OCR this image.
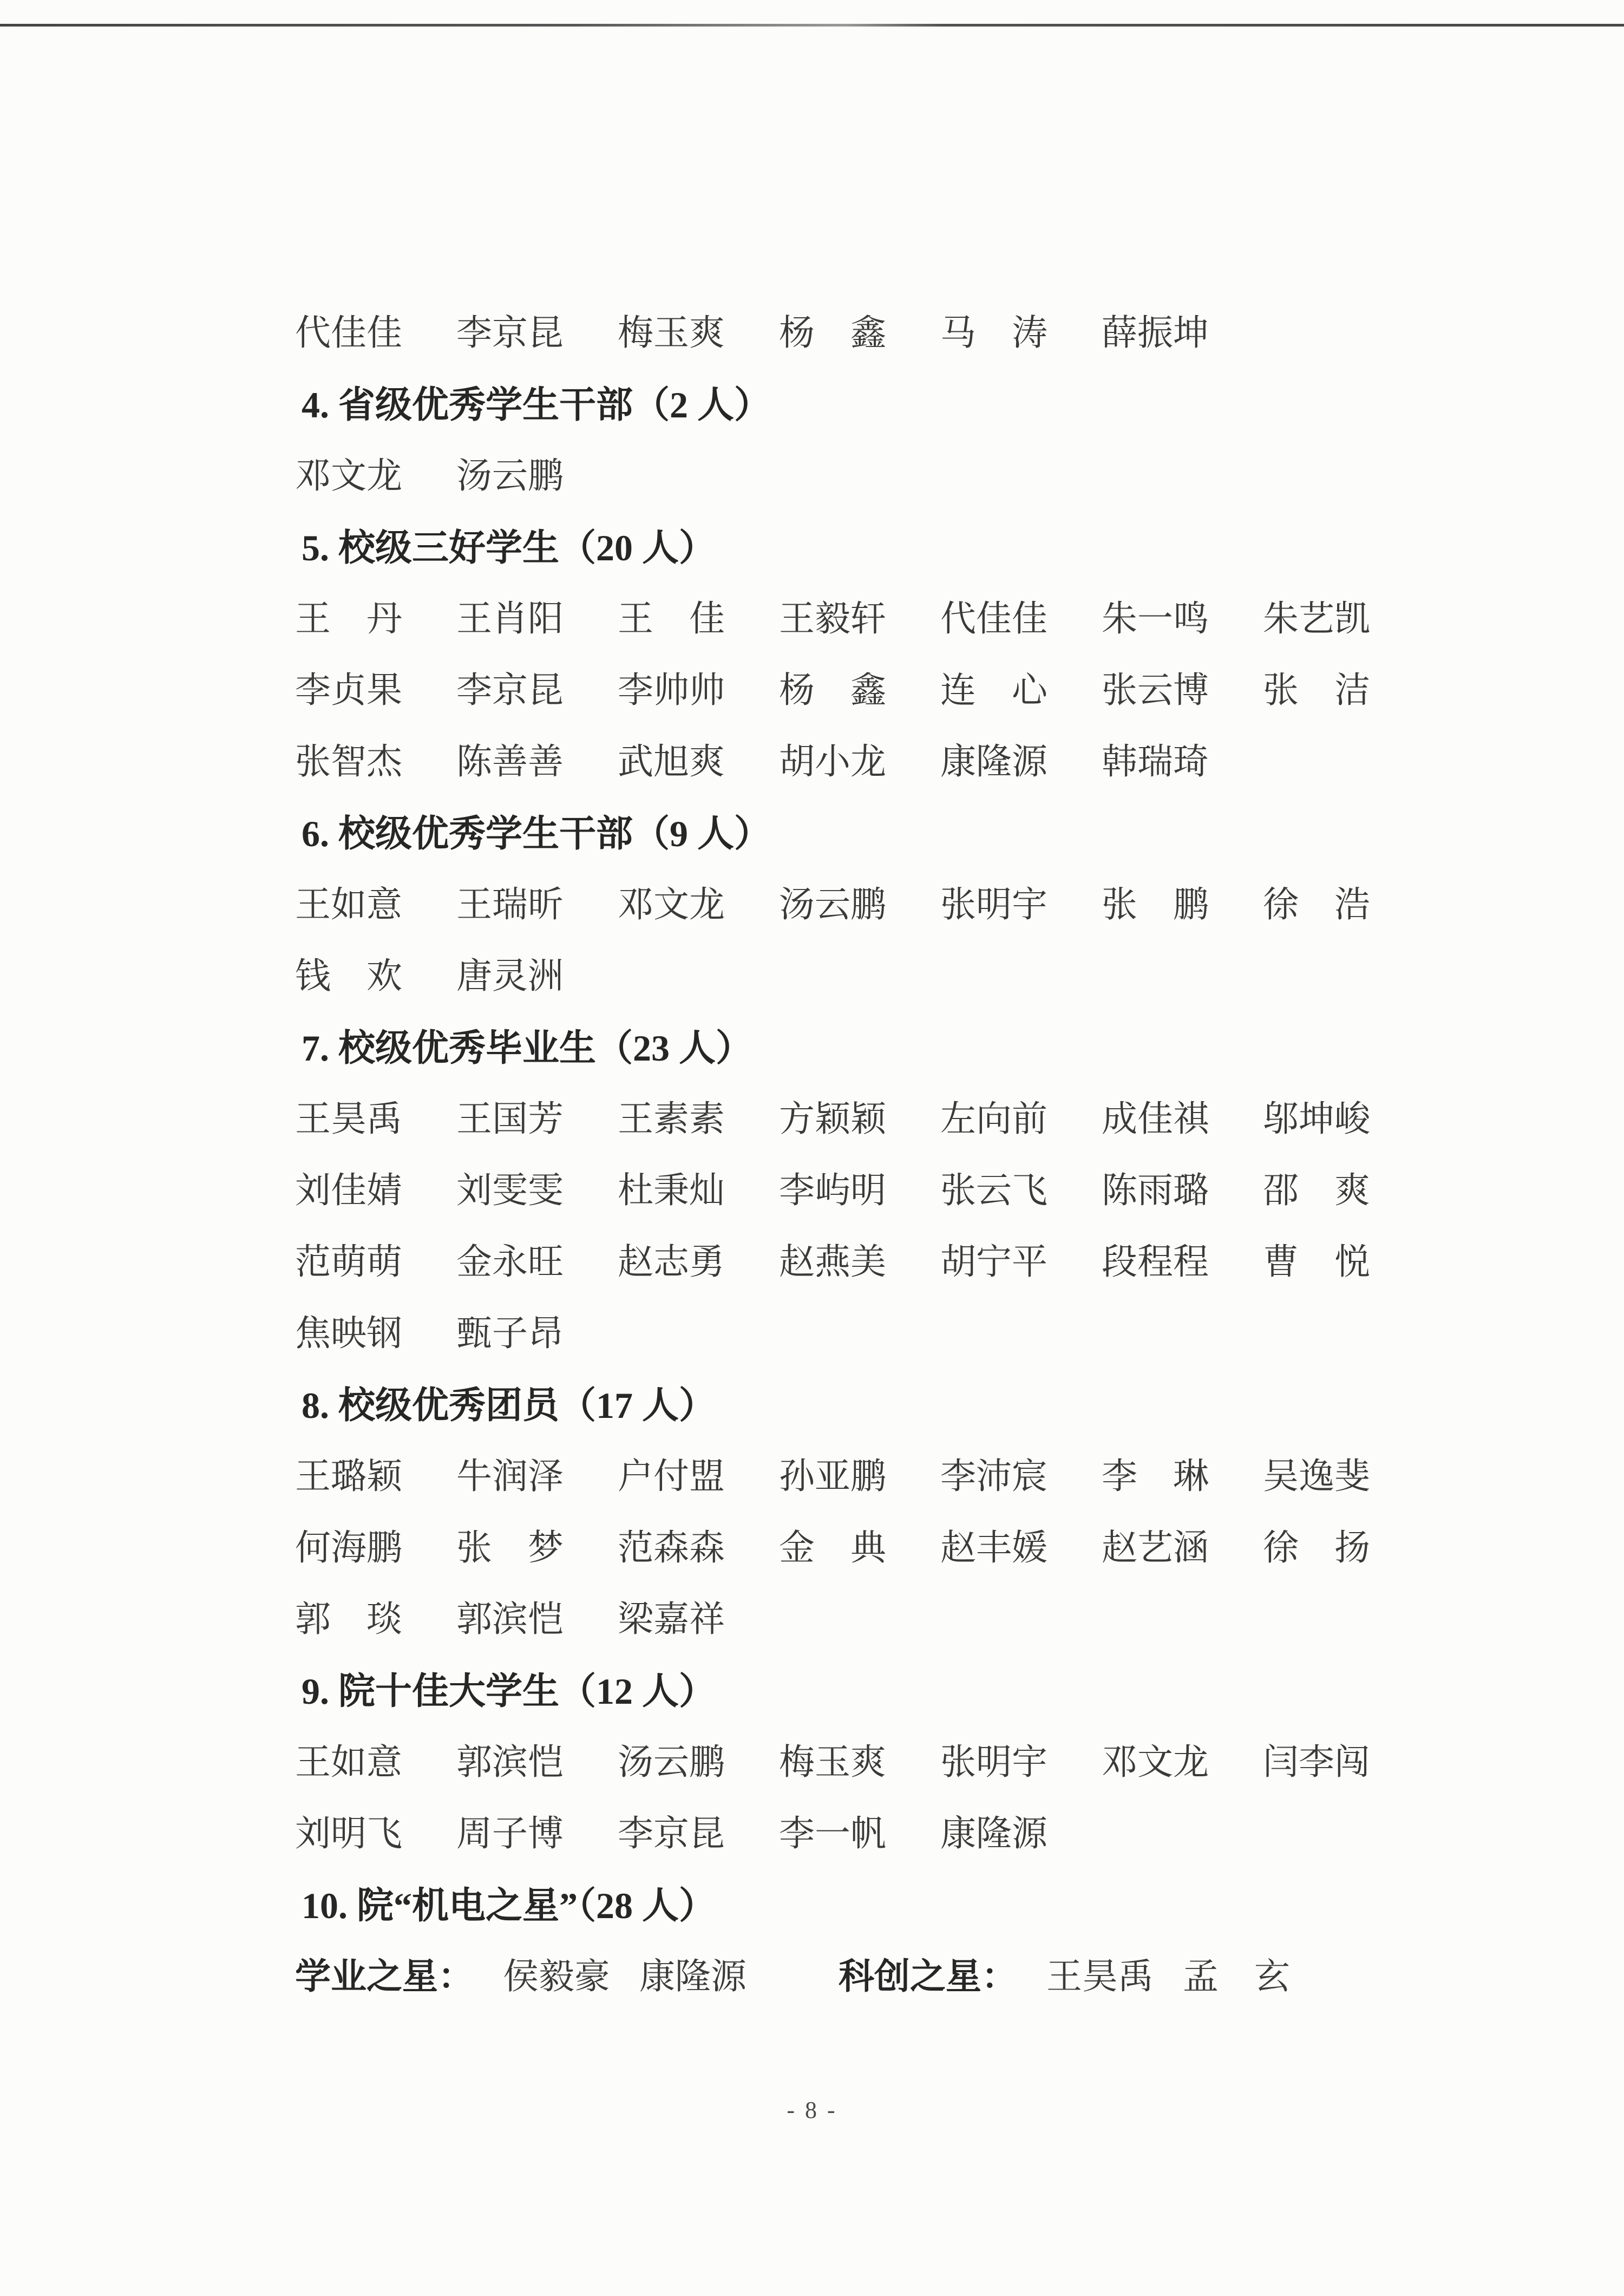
代佳佳 李京昆 梅玉爽 杨　鑫 马　涛 薛振坤
4. 省级优秀学生干部（2 人）
邓文龙 汤云鹏
5. 校级三好学生（20 人）
王　丹 王肖阳 王　佳 王毅轩 代佳佳 朱一鸣 朱艺凯
李贞果 李京昆 李帅帅 杨　鑫 连　心 张云博 张　洁
张智杰 陈善善 武旭爽 胡小龙 康隆源 韩瑞琦
6. 校级优秀学生干部（9 人）
王如意 王瑞昕 邓文龙 汤云鹏 张明宇 张　鹏 徐　浩
钱　欢 唐灵洲
7. 校级优秀毕业生（23 人）
王昊禹 王国芳 王素素 方颖颖 左向前 成佳祺 邬坤峻
刘佳婧 刘雯雯 杜秉灿 李屿明 张云飞 陈雨璐 邵　爽
范萌萌 金永旺 赵志勇 赵燕美 胡宁平 段程程 曹　悦
焦映钢 甄子昂
8. 校级优秀团员（17 人）
王璐颖 牛润泽 户付盟 孙亚鹏 李沛宸 李　琳 吴逸斐
何海鹏 张　梦 范森森 金　典 赵丰媛 赵艺涵 徐　扬
郭　琰 郭滨恺 梁嘉祥
9. 院十佳大学生（12 人）
王如意 郭滨恺 汤云鹏 梅玉爽 张明宇 邓文龙 闫李闯
刘明飞 周子博 李京昆 李一帆 康隆源
10. 院“机电之星”（28 人）
学业之星： 侯毅豪 康隆源	科创之星： 王昊禹 孟　玄
- 8 -
